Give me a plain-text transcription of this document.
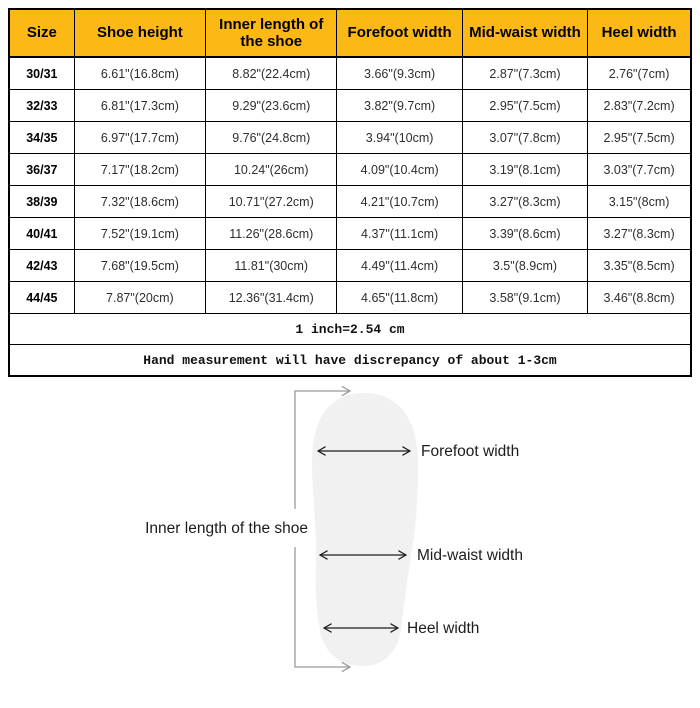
Size	Shoe height	Inner length of the shoe	Forefoot width	Mid-waist width	Heel width
30/31	6.61"(16.8cm)	8.82"(22.4cm)	3.66"(9.3cm)	2.87"(7.3cm)	2.76"(7cm)
32/33	6.81"(17.3cm)	9.29"(23.6cm)	3.82"(9.7cm)	2.95"(7.5cm)	2.83"(7.2cm)
34/35	6.97"(17.7cm)	9.76"(24.8cm)	3.94"(10cm)	3.07"(7.8cm)	2.95"(7.5cm)
36/37	7.17"(18.2cm)	10.24"(26cm)	4.09"(10.4cm)	3.19"(8.1cm)	3.03"(7.7cm)
38/39	7.32"(18.6cm)	10.71"(27.2cm)	4.21"(10.7cm)	3.27"(8.3cm)	3.15"(8cm)
40/41	7.52"(19.1cm)	11.26"(28.6cm)	4.37"(11.1cm)	3.39"(8.6cm)	3.27"(8.3cm)
42/43	7.68"(19.5cm)	11.81"(30cm)	4.49"(11.4cm)	3.5"(8.9cm)	3.35"(8.5cm)
44/45	7.87"(20cm)	12.36"(31.4cm)	4.65"(11.8cm)	3.58"(9.1cm)	3.46"(8.8cm)
1 inch=2.54 cm					
Hand measurement will have discrepancy of about 1-3cm					
Inner length of the shoe
Forefoot width
Mid-waist width
Heel width
